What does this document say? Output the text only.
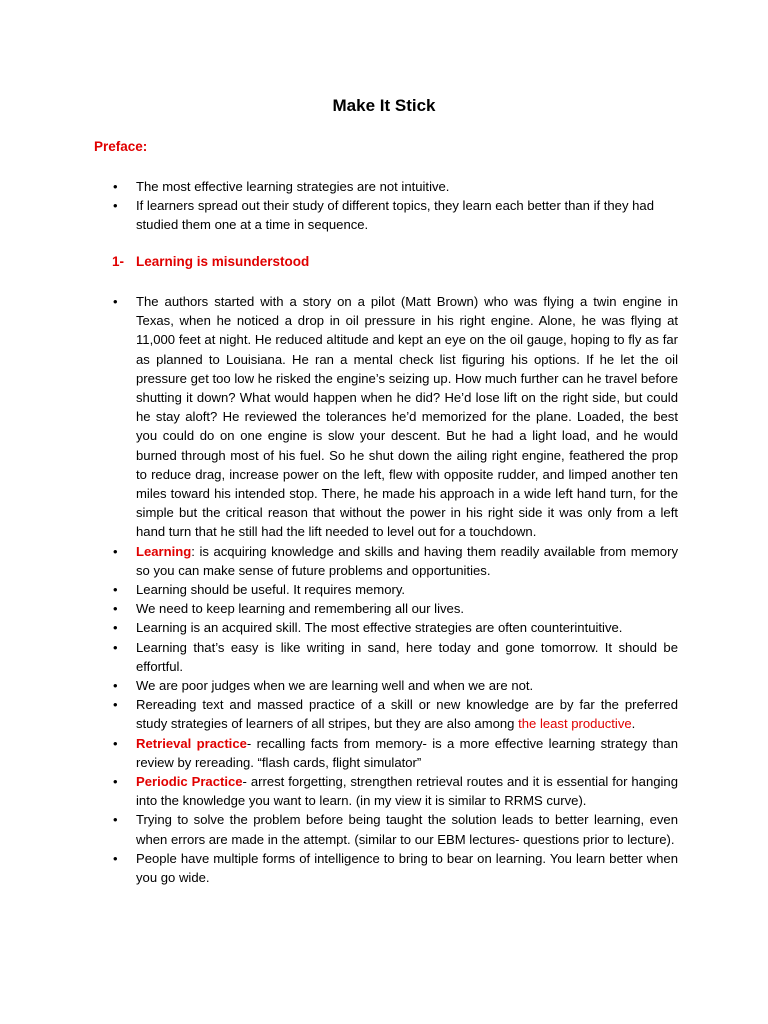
Make It Stick
Preface:
• The most effective learning strategies are not intuitive.
• If learners spread out their study of different topics, they learn each better than if they had studied them one at a time in sequence.
1- Learning is misunderstood
• The authors started with a story on a pilot (Matt Brown) who was flying a twin engine in Texas, when he noticed a drop in oil pressure in his right engine. Alone, he was flying at 11,000 feet at night. He reduced altitude and kept an eye on the oil gauge, hoping to fly as far as planned to Louisiana. He ran a mental check list figuring his options. If he let the oil pressure get too low he risked the engine’s seizing up. How much further can he travel before shutting it down? What would happen when he did? He’d lose lift on the right side, but could he stay aloft? He reviewed the tolerances he’d memorized for the plane. Loaded, the best you could do on one engine is slow your descent. But he had a light load, and he would burned through most of his fuel. So he shut down the ailing right engine, feathered the prop to reduce drag, increase power on the left, flew with opposite rudder, and limped another ten miles toward his intended stop. There, he made his approach in a wide left hand turn, for the simple but the critical reason that without the power in his right side it was only from a left hand turn that he still had the lift needed to level out for a touchdown.
• Learning: is acquiring knowledge and skills and having them readily available from memory so you can make sense of future problems and opportunities.
• Learning should be useful. It requires memory.
• We need to keep learning and remembering all our lives.
• Learning is an acquired skill. The most effective strategies are often counterintuitive.
• Learning that’s easy is like writing in sand, here today and gone tomorrow. It should be effortful.
• We are poor judges when we are learning well and when we are not.
• Rereading text and massed practice of a skill or new knowledge are by far the preferred study strategies of learners of all stripes, but they are also among the least productive.
• Retrieval practice- recalling facts from memory- is a more effective learning strategy than review by rereading. “flash cards, flight simulator”
• Periodic Practice- arrest forgetting, strengthen retrieval routes and it is essential for hanging into the knowledge you want to learn. (in my view it is similar to RRMS curve).
• Trying to solve the problem before being taught the solution leads to better learning, even when errors are made in the attempt. (similar to our EBM lectures- questions prior to lecture).
• People have multiple forms of intelligence to bring to bear on learning. You learn better when you go wide.
